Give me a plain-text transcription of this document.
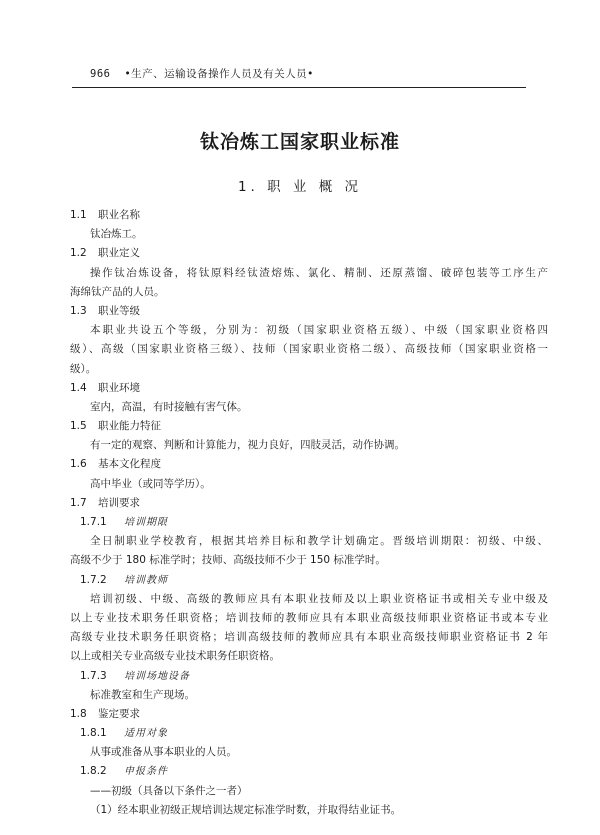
966 •生产、运输设备操作人员及有关人员•
钛冶炼工国家职业标准
1. 职 业 概 况
1.1 职业名称
钛冶炼工。
1.2 职业定义
操作钛冶炼设备，将钛原料经钛渣熔炼、氯化、精制、还原蒸馏、破碎包装等工序生产
海绵钛产品的人员。
1.3 职业等级
本职业共设五个等级，分别为：初级（国家职业资格五级）、中级（国家职业资格四
级）、高级（国家职业资格三级）、技师（国家职业资格二级）、高级技师（国家职业资格一
级）。
1.4 职业环境
室内，高温，有时接触有害气体。
1.5 职业能力特征
有一定的观察、判断和计算能力，视力良好，四肢灵活，动作协调。
1.6 基本文化程度
高中毕业（或同等学历）。
1.7 培训要求
1.7.1 培训期限
全日制职业学校教育，根据其培养目标和教学计划确定。晋级培训期限：初级、中级、
高级不少于 180 标准学时；技师、高级技师不少于 150 标准学时。
1.7.2 培训教师
培训初级、中级、高级的教师应具有本职业技师及以上职业资格证书或相关专业中级及
以上专业技术职务任职资格；培训技师的教师应具有本职业高级技师职业资格证书或本专业
高级专业技术职务任职资格；培训高级技师的教师应具有本职业高级技师职业资格证书 2 年
以上或相关专业高级专业技术职务任职资格。
1.7.3 培训场地设备
标准教室和生产现场。
1.8 鉴定要求
1.8.1 适用对象
从事或准备从事本职业的人员。
1.8.2 申报条件
——初级（具备以下条件之一者）
（1）经本职业初级正规培训达规定标准学时数，并取得结业证书。
